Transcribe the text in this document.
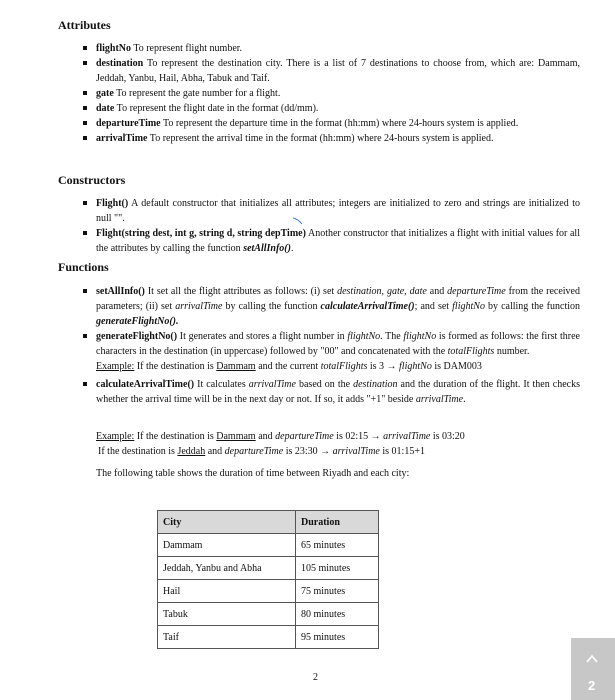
Attributes
flightNo To represent flight number.
destination To represent the destination city. There is a list of 7 destinations to choose from, which are: Dammam, Jeddah, Yanbu, Hail, Abha, Tabuk and Taif.
gate To represent the gate number for a flight.
date To represent the flight date in the format (dd/mm).
departureTime To represent the departure time in the format (hh:mm) where 24-hours system is applied.
arrivalTime To represent the arrival time in the format (hh:mm) where 24-hours system is applied.
Constructors
Flight() A default constructor that initializes all attributes; integers are initialized to zero and strings are initialized to null "".
Flight(string dest, int g, string d, string depTime) Another constructor that initializes a flight with initial values for all the attributes by calling the function setAllInfo().
Functions
setAllInfo() It set all the flight attributes as follows: (i) set destination, gate, date and departureTime from the received parameters; (ii) set arrivalTime by calling the function calculateArrivalTime(); and set flightNo by calling the function generateFlightNo().
generateFlightNo() It generates and stores a flight number in flightNo. The flightNo is formed as follows: the first three characters in the destination (in uppercase) followed by "00" and concatenated with the totalFlights number.
Example: If the destination is Dammam and the current totalFlights is 3 → flightNo is DAM003
calculateArrivalTime() It calculates arrivalTime based on the destination and the duration of the flight. It then checks whether the arrival time will be in the next day or not. If so, it adds "+1" beside arrivalTime.
Example: If the destination is Dammam and departureTime is 02:15 → arrivalTime is 03:20
If the destination is Jeddah and departureTime is 23:30 → arrivalTime is 01:15+1
The following table shows the duration of time between Riyadh and each city:
City	Duration
Dammam	65 minutes
Jeddah, Yanbu and Abha	105 minutes
Hail	75 minutes
Tabuk	80 minutes
Taif	95 minutes
2
2
